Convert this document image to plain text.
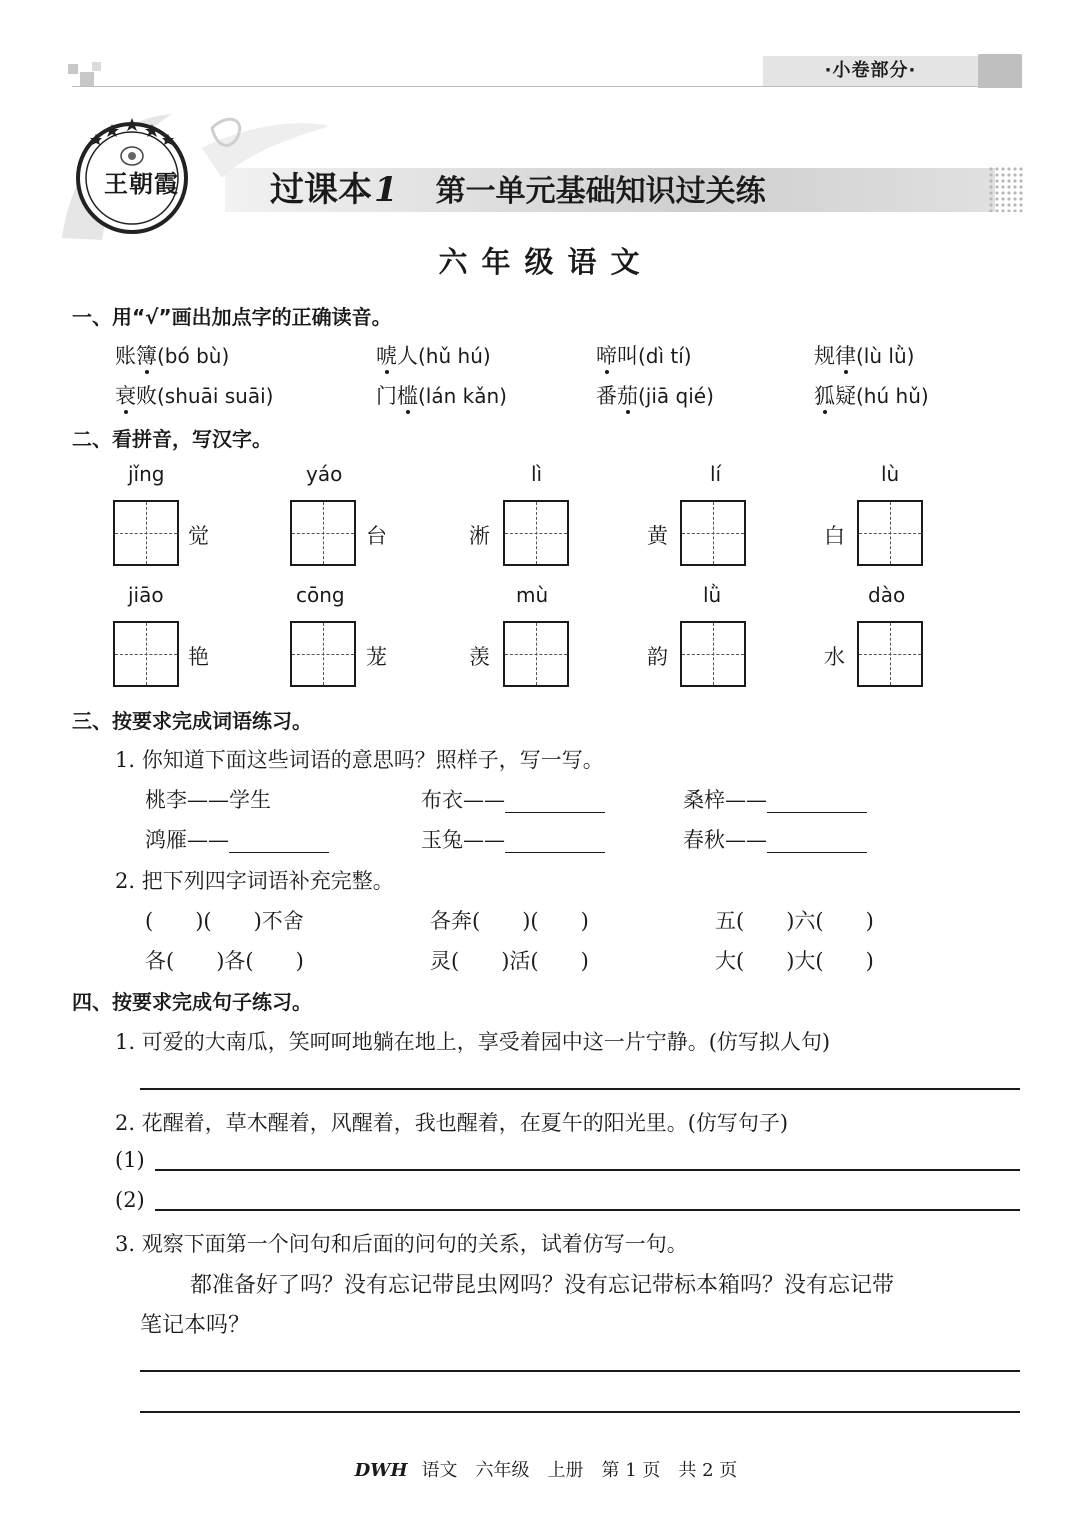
·小卷部分·
王朝霞	过课本1 第一单元基础知识过关练
六年级语文
一、用“√”画出加点字的正确读音。
账簿(bó bù)	唬人(hǔ hú)	啼叫(dì tí)	规律(lù lǜ)
衰败(shuāi suāi)	门槛(lán kǎn)	番茄(jiā qié)	狐疑(hú hǔ)
二、看拼音，写汉字。
jǐng	yáo	lì	lí	lù
觉	台	淅	黄	白
jiāo	cōng	mù	lǜ	dào
艳	茏	羡	韵	水
三、按要求完成词语练习。
1. 你知道下面这些词语的意思吗？照样子，写一写。
桃李——学生	布衣——	桑梓——
鸿雁——	玉兔——	春秋——
2. 把下列四字词语补充完整。
(　　)(　　)不舍	各奔(　　)(　　)	五(　　)六(　　)
各(　　)各(　　)	灵(　　)活(　　)	大(　　)大(　　)
四、按要求完成句子练习。
1. 可爱的大南瓜，笑呵呵地躺在地上，享受着园中这一片宁静。(仿写拟人句)
2. 花醒着，草木醒着，风醒着，我也醒着，在夏午的阳光里。(仿写句子)
(1)
(2)
3. 观察下面第一个问句和后面的问句的关系，试着仿写一句。
都准备好了吗？没有忘记带昆虫网吗？没有忘记带标本箱吗？没有忘记带
笔记本吗？
DWH 语文　六年级　上册　第 1 页　共 2 页
